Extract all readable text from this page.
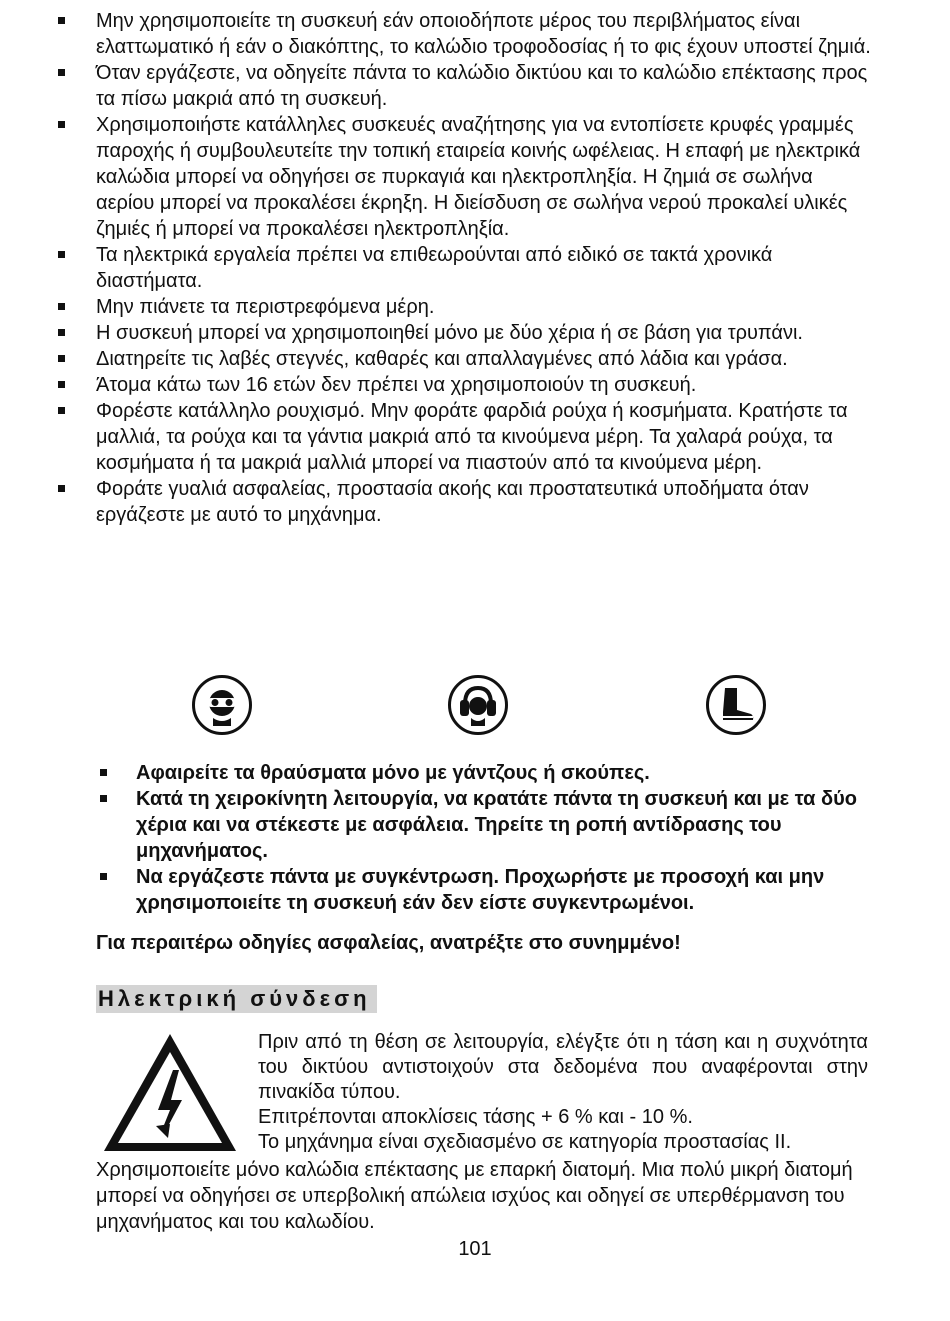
Μην χρησιμοποιείτε τη συσκευή εάν οποιοδήποτε μέρος του περιβλήματος είναι ελαττωματικό ή εάν ο διακόπτης, το καλώδιο τροφοδοσίας ή το φις έχουν υποστεί ζημιά.
Όταν εργάζεστε, να οδηγείτε πάντα το καλώδιο δικτύου και το καλώδιο επέκτασης προς τα πίσω μακριά από τη συσκευή.
Χρησιμοποιήστε κατάλληλες συσκευές αναζήτησης για να εντοπίσετε κρυφές γραμμές παροχής ή συμβουλευτείτε την τοπική εταιρεία κοινής ωφέλειας. Η επαφή με ηλεκτρικά καλώδια μπορεί να οδηγήσει σε πυρκαγιά και ηλεκτροπληξία. Η ζημιά σε σωλήνα αερίου μπορεί να προκαλέσει έκρηξη. Η διείσδυση σε σωλήνα νερού προκαλεί υλικές ζημιές ή μπορεί να προκαλέσει ηλεκτροπληξία.
Τα ηλεκτρικά εργαλεία πρέπει να επιθεωρούνται από ειδικό σε τακτά χρονικά διαστήματα.
Μην πιάνετε τα περιστρεφόμενα μέρη.
Η συσκευή μπορεί να χρησιμοποιηθεί μόνο με δύο χέρια ή σε βάση για τρυπάνι.
Διατηρείτε τις λαβές στεγνές, καθαρές και απαλλαγμένες από λάδια και γράσα.
Άτομα κάτω των 16 ετών δεν πρέπει να χρησιμοποιούν τη συσκευή.
Φορέστε κατάλληλο ρουχισμό. Μην φοράτε φαρδιά ρούχα ή κοσμήματα. Κρατήστε τα μαλλιά, τα ρούχα και τα γάντια μακριά από τα κινούμενα μέρη. Τα χαλαρά ρούχα, τα κοσμήματα ή τα μακριά μαλλιά μπορεί να πιαστούν από τα κινούμενα μέρη.
Φοράτε γυαλιά ασφαλείας, προστασία ακοής και προστατευτικά υποδήματα όταν εργάζεστε με αυτό το μηχάνημα.
Αφαιρείτε τα θραύσματα μόνο με γάντζους ή σκούπες.
Κατά τη χειροκίνητη λειτουργία, να κρατάτε πάντα τη συσκευή και με τα δύο χέρια και να στέκεστε με ασφάλεια. Τηρείτε τη ροπή αντίδρασης του μηχανήματος.
Να εργάζεστε πάντα με συγκέντρωση. Προχωρήστε με προσοχή και μην χρησιμοποιείτε τη συσκευή εάν δεν είστε συγκεντρωμένοι.
Για περαιτέρω οδηγίες ασφαλείας, ανατρέξτε στο συνημμένο!
Ηλεκτρική σύνδεση

Πριν από τη θέση σε λειτουργία, ελέγξτε ότι η τάση και η συχνότητα του δικτύου αντιστοιχούν στα δεδομένα που αναφέρονται στην πινακίδα τύπου.

Επιτρέπονται αποκλίσεις τάσης + 6 % και - 10 %.

Το μηχάνημα είναι σχεδιασμένο σε κατηγορία προστασίας II.

Χρησιμοποιείτε μόνο καλώδια επέκτασης με επαρκή διατομή. Μια πολύ μικρή διατομή μπορεί να οδηγήσει σε υπερβολική απώλεια ισχύος και οδηγεί σε υπερθέρμανση του μηχανήματος και του καλωδίου.

101
